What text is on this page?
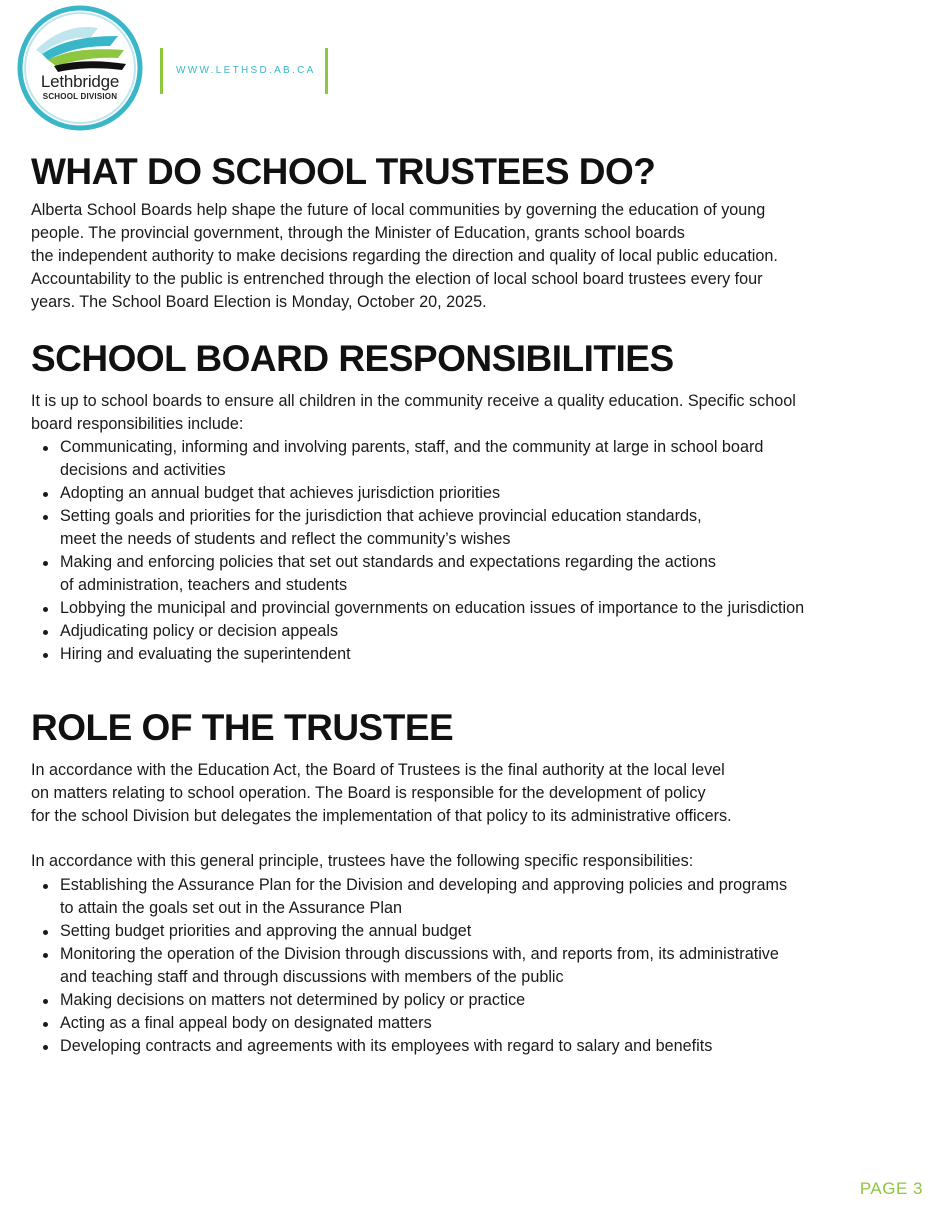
Lethbridge
SCHOOL DIVISION
WWW.LETHSD.AB.CA
WHAT DO SCHOOL TRUSTEES DO?
Alberta School Boards help shape the future of local communities by governing the education of young
people. The provincial government, through the Minister of Education, grants school boards
the independent authority to make decisions regarding the direction and quality of local public education.
Accountability to the public is entrenched through the election of local school board trustees every four
years. The School Board Election is Monday, October 20, 2025.
SCHOOL BOARD RESPONSIBILITIES
It is up to school boards to ensure all children in the community receive a quality education. Specific school
board responsibilities include:
Communicating, informing and involving parents, staff, and the community at large in school board
decisions and activities
Adopting an annual budget that achieves jurisdiction priorities
Setting goals and priorities for the jurisdiction that achieve provincial education standards,
meet the needs of students and reflect the community’s wishes
Making and enforcing policies that set out standards and expectations regarding the actions
of administration, teachers and students
Lobbying the municipal and provincial governments on education issues of importance to the jurisdiction
Adjudicating policy or decision appeals
Hiring and evaluating the superintendent
ROLE OF THE TRUSTEE
In accordance with the Education Act, the Board of Trustees is the final authority at the local level
on matters relating to school operation. The Board is responsible for the development of policy
for the school Division but delegates the implementation of that policy to its administrative officers.
In accordance with this general principle, trustees have the following specific responsibilities:
Establishing the Assurance Plan for the Division and developing and approving policies and programs
to attain the goals set out in the Assurance Plan
Setting budget priorities and approving the annual budget
Monitoring the operation of the Division through discussions with, and reports from, its administrative
and teaching staff and through discussions with members of the public
Making decisions on matters not determined by policy or practice
Acting as a final appeal body on designated matters
Developing contracts and agreements with its employees with regard to salary and benefits
PAGE 3
